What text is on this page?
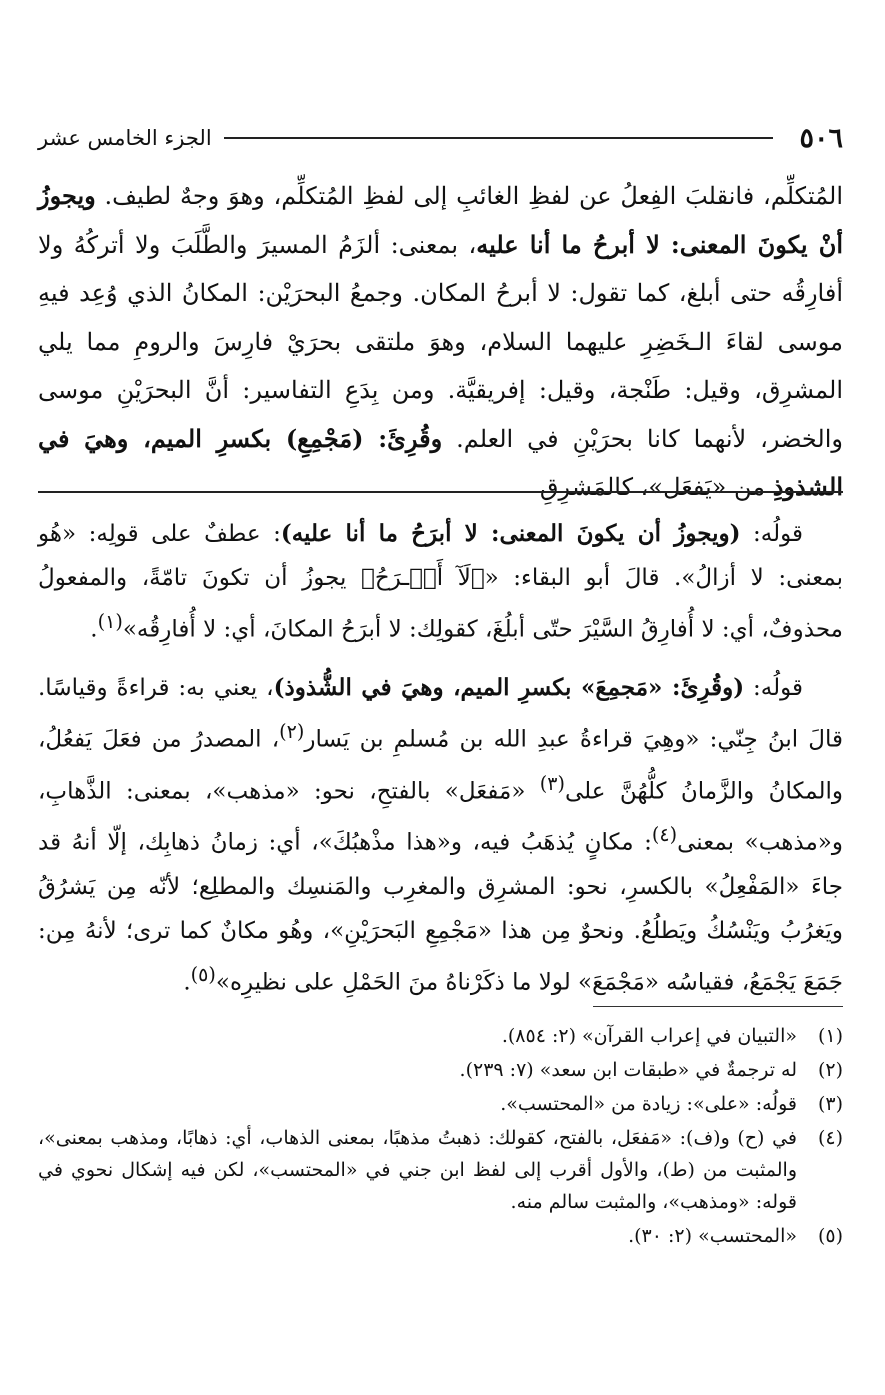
٥٠٦
الجزء الخامس عشر
المُتكلِّم، فانقلبَ الفِعلُ عن لفظِ الغائبِ إلى لفظِ المُتكلِّم، وهوَ وجهٌ لطيف. ويجوزُ أنْ يكونَ المعنى: لا أبرحُ ما أنا عليه، بمعنى: ألزَمُ المسيرَ والطَّلَبَ ولا أتركُهُ ولا أفارِقُه حتى أبلغ، كما تقول: لا أبرحُ المكان. وجمعُ البحرَيْن: المكانُ الذي وُعِد فيهِ موسى لقاءَ الـخَضِرِ عليهما السلام، وهوَ ملتقى بحرَيْ فارِسَ والرومِ مما يلي المشرِق، وقيل: طَنْجة، وقيل: إفريقيَّة. ومن بِدَعِ التفاسير: أنَّ البحرَيْنِ موسى والخضر، لأنهما كانا بحرَيْنِ في العلم. وقُرِئَ: (مَجْمِعِ) بكسرِ الميم، وهيَ في الشذوذِ من «يَفعَل»، كالمَشرِقِ

قولُه: (ويجوزُ أن يكونَ المعنى: لا أبرَحُ ما أنا عليه): عطفٌ على قولِه: «هُو بمعنى: لا أزالُ». قالَ أبو البقاء: «﴿لَآ أَبۡـرَحُ﴾ يجوزُ أن تكونَ تامّةً، والمفعولُ محذوفٌ، أي: لا أُفارِقُ السَّيْرَ حتّى أبلُغَ، كقولِك: لا أبرَحُ المكانَ، أي: لا أُفارِقُه»$^{(١)}$.

قولُه: (وقُرِئَ: «مَجمِعَ» بكسرِ الميم، وهيَ في الشُّذوذ)، يعني به: قراءةً وقياسًا. قالَ ابنُ جِنّي: «وهِيَ قراءةُ عبدِ الله بن مُسلمِ بن يَسار$^{(٢)}$، المصدرُ من فعَلَ يَفعُلُ، والمكانُ والزَّمانُ كلُّهُنَّ على$^{(٣)}$ «مَفعَل» بالفتحِ، نحو: «مذهب»، بمعنى: الذَّهابِ، و«مذهب» بمعنى$^{(٤)}$: مكانٍ يُذهَبُ فيه، و«هذا مذْهبُكَ»، أي: زمانُ ذهابِك، إلّا أنهُ قد جاءَ «المَفْعِلُ» بالكسرِ، نحو: المشرِق والمغرِب والمَنسِك والمطلِع؛ لأنّه مِن يَشرُقُ ويَغرُبُ ويَنْسُكُ ويَطلُعُ. ونحوٌ مِن هذا «مَجْمِعِ البَحرَيْنِ»، وهُو مكانٌ كما ترى؛ لأنهُ مِن: جَمَعَ يَجْمَعُ، فقياسُه «مَجْمَعَ» لولا ما ذكَرْناهُ منَ الحَمْلِ على نظيرِه»$^{(٥)}$.

(١)
«التبيان في إعراب القرآن» (٢: ٨٥٤).
(٢)
له ترجمةٌ في «طبقات ابن سعد» (٧: ٢٣٩).
(٣)
قولُه: «على»: زيادة من «المحتسب».
(٤)
في (ح) و(ف): «مَفعَل، بالفتح، كقولك: ذهبتُ مذهبًا، بمعنى الذهاب، أي: ذهابًا، ومذهب بمعنى»، والمثبت من (ط)، والأول أقرب إلى لفظ ابن جني في «المحتسب»، لكن فيه إشكال نحوي في قوله: «ومذهب»، والمثبت سالم منه.
(٥)
«المحتسب» (٢: ٣٠).
